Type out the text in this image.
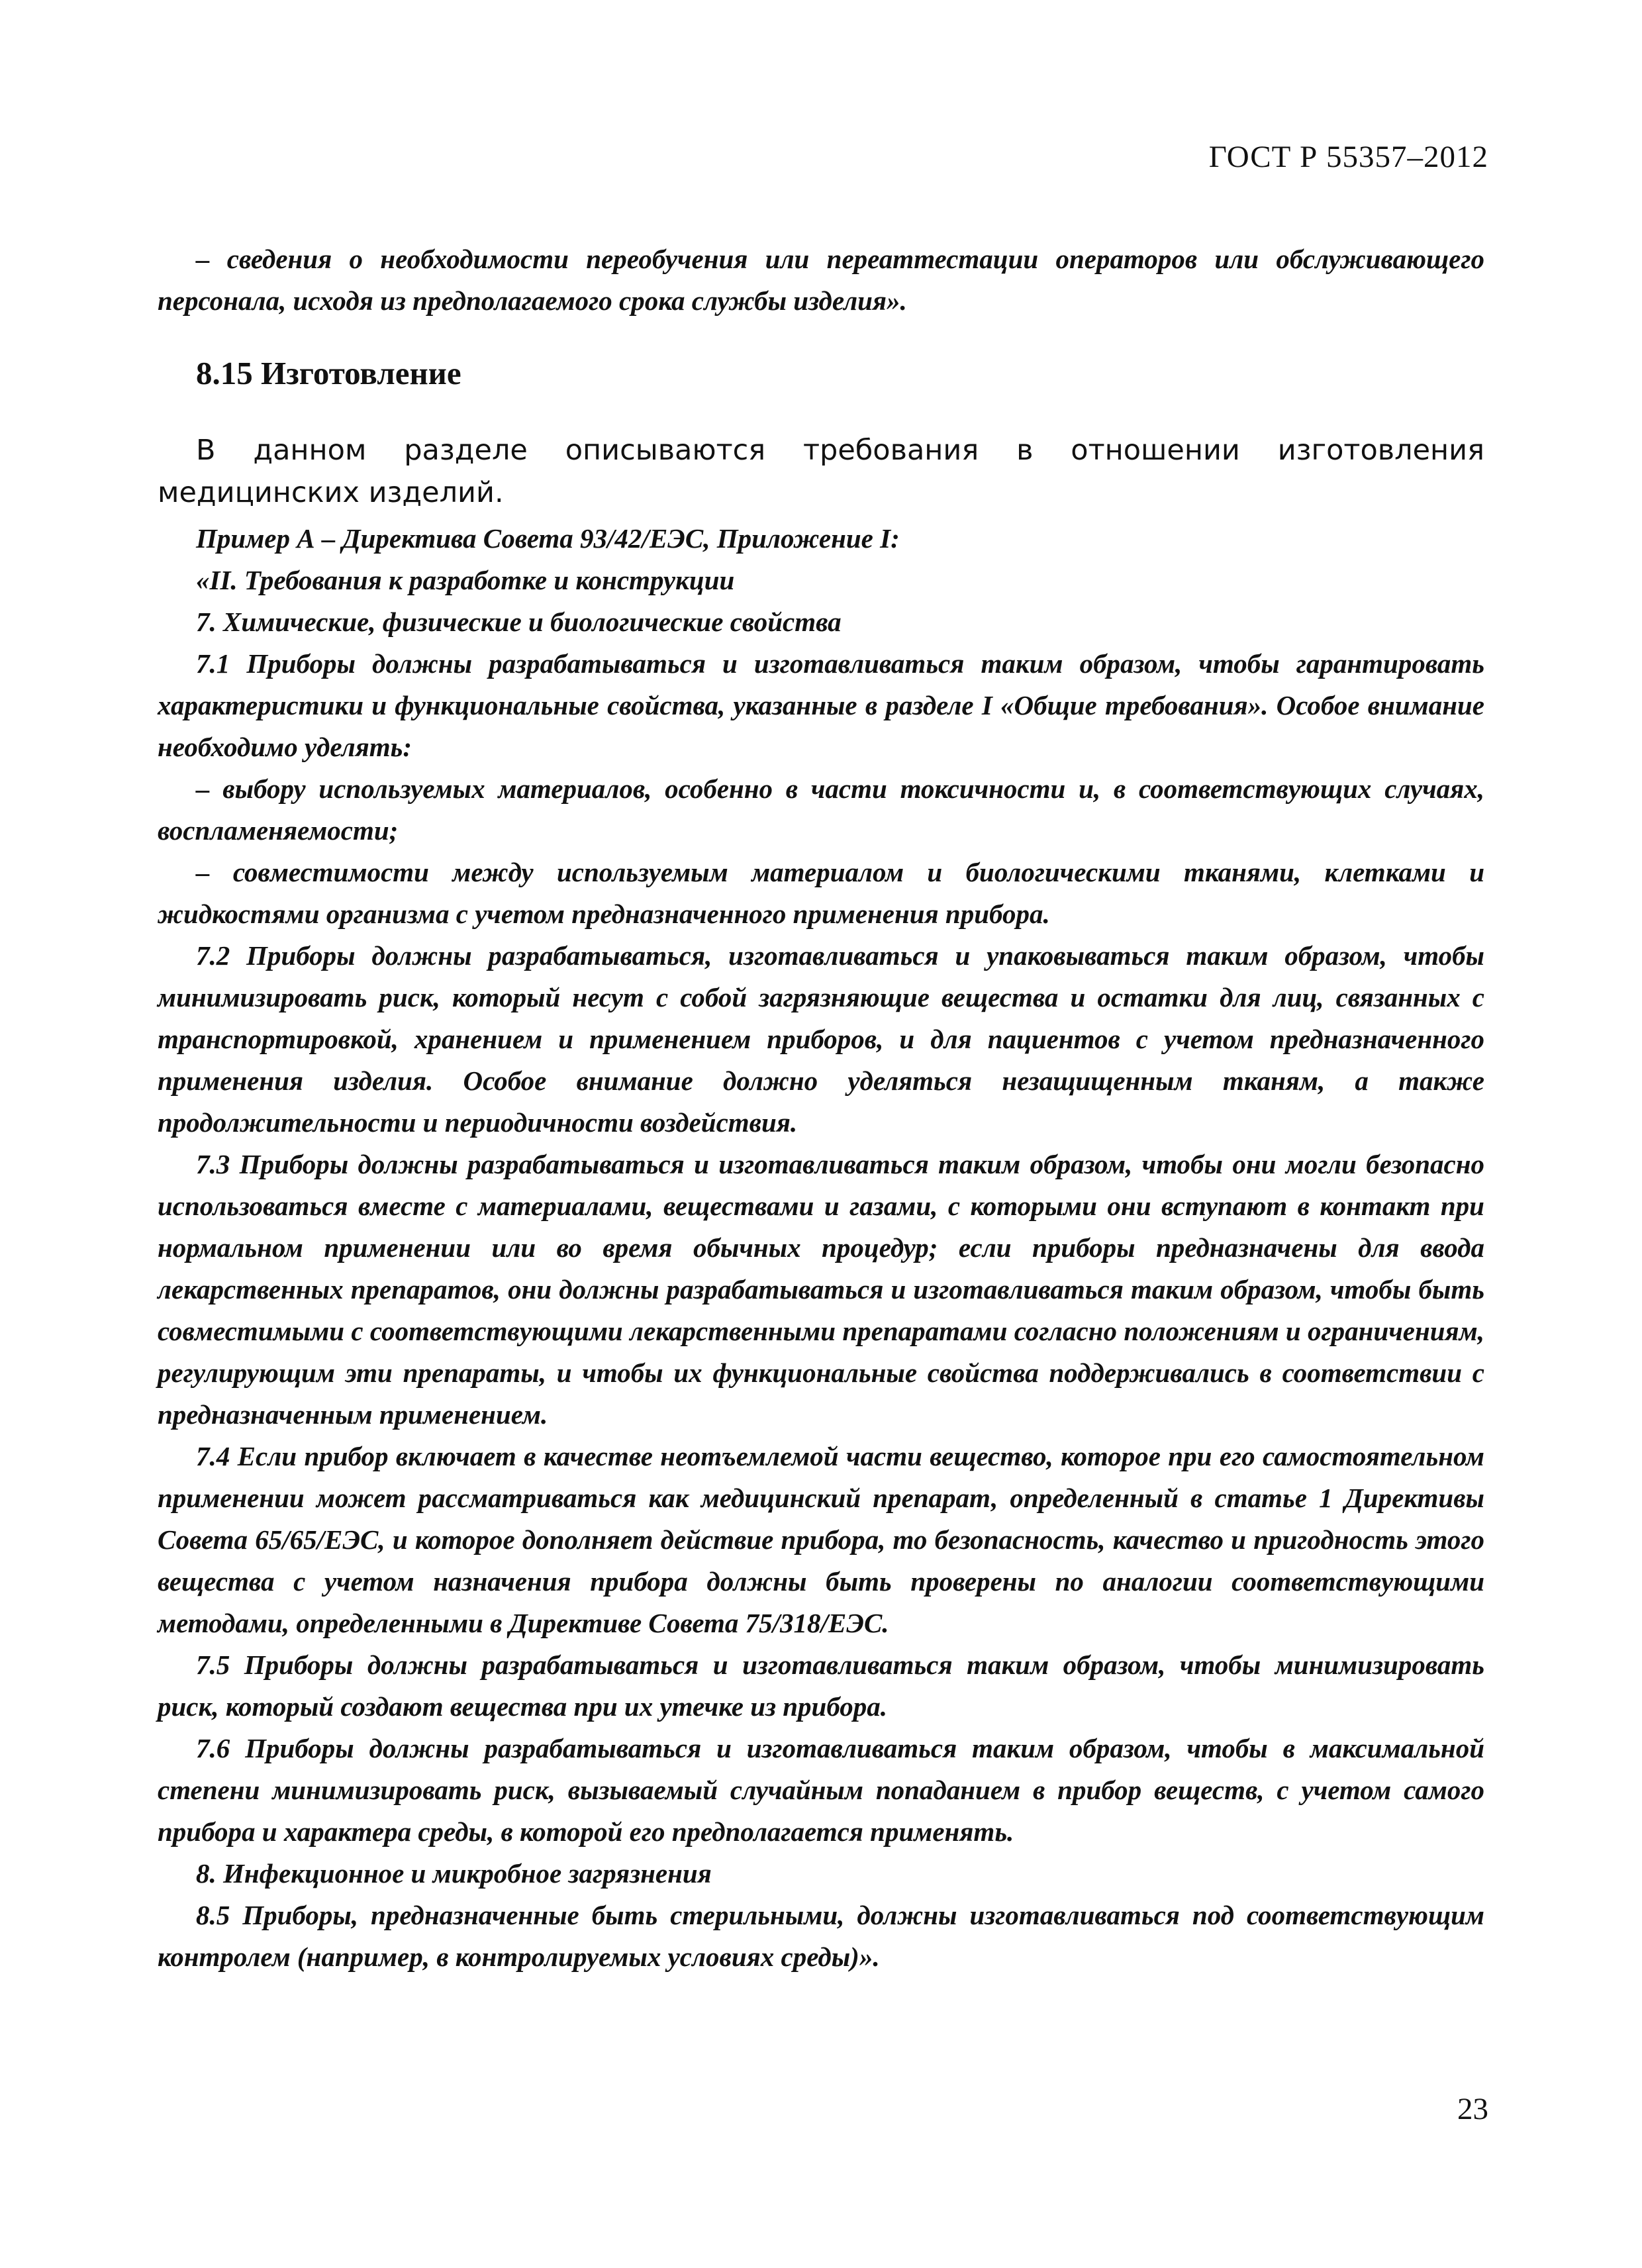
ГОСТ Р 55357–2012

– сведения о необходимости переобучения или переаттестации операторов или обслуживающего персонала, исходя из предполагаемого срока службы изделия».

8.15 Изготовление

В данном разделе описываются требования в отношении изготовления медицинских изделий.

Пример А – Директива Совета 93/42/ЕЭС, Приложение I:

«II. Требования к разработке и конструкции

7. Химические, физические и биологические свойства

7.1 Приборы должны разрабатываться и изготавливаться таким образом, чтобы гарантировать характеристики и функциональные свойства, указанные в разделе I «Общие требования». Особое внимание необходимо уделять:

– выбору используемых материалов, особенно в части токсичности и, в соответствующих случаях, воспламеняемости;

– совместимости между используемым материалом и биологическими тканями, клетками и жидкостями организма с учетом предназначенного применения прибора.

7.2 Приборы должны разрабатываться, изготавливаться и упаковываться таким образом, чтобы минимизировать риск, который несут с собой загрязняющие вещества и остатки для лиц, связанных с транспортировкой, хранением и применением приборов, и для пациентов с учетом предназначенного применения изделия. Особое внимание должно уделяться незащищенным тканям, а также продолжительности и периодичности воздействия.

7.3 Приборы должны разрабатываться и изготавливаться таким образом, чтобы они могли безопасно использоваться вместе с материалами, веществами и газами, с которыми они вступают в контакт при нормальном применении или во время обычных процедур; если приборы предназначены для ввода лекарственных препаратов, они должны разрабатываться и изготавливаться таким образом, чтобы быть совместимыми с соответствующими лекарственными препаратами согласно положениям и ограничениям, регулирующим эти препараты, и чтобы их функциональные свойства поддерживались в соответствии с предназначенным применением.

7.4 Если прибор включает в качестве неотъемлемой части вещество, которое при его самостоятельном применении может рассматриваться как медицинский препарат, определенный в статье 1 Директивы Совета 65/65/ЕЭС, и которое дополняет действие прибора, то безопасность, качество и пригодность этого вещества с учетом назначения прибора должны быть проверены по аналогии соответствующими методами, определенными в Директиве Совета 75/318/ЕЭС.

7.5 Приборы должны разрабатываться и изготавливаться таким образом, чтобы минимизировать риск, который создают вещества при их утечке из прибора.

7.6 Приборы должны разрабатываться и изготавливаться таким образом, чтобы в максимальной степени минимизировать риск, вызываемый случайным попаданием в прибор веществ, с учетом самого прибора и характера среды, в которой его предполагается применять.

8. Инфекционное и микробное загрязнения

8.5 Приборы, предназначенные быть стерильными, должны изготавливаться под соответствующим контролем (например, в контролируемых условиях среды)».

23
